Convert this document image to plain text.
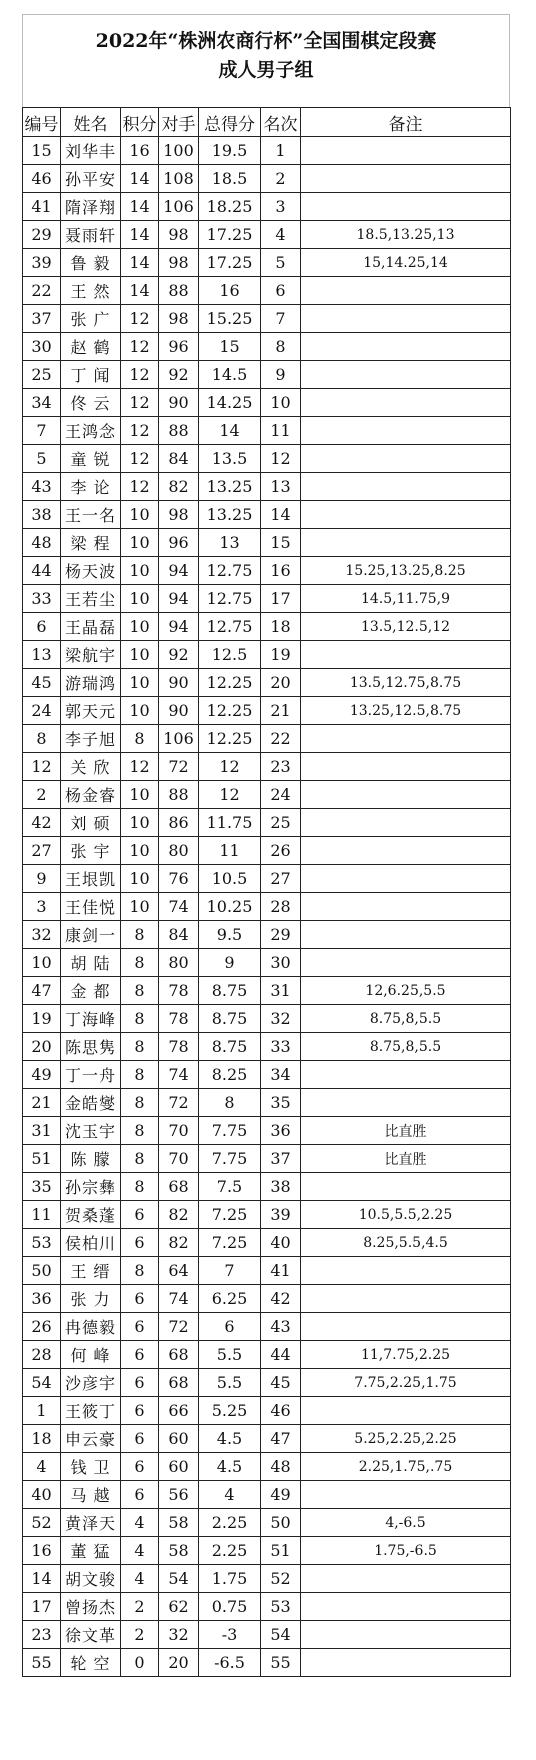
2022年“株洲农商行杯”全国围棋定段赛
成人男子组
编号	姓名	积分	对手	总得分	名次	备注
15	刘华丰	16	100	19.5	1	
46	孙平安	14	108	18.5	2	
41	隋泽翔	14	106	18.25	3	
29	聂雨轩	14	98	17.25	4	18.5,13.25,13
39	鲁 毅	14	98	17.25	5	15,14.25,14
22	王 然	14	88	16	6	
37	张 广	12	98	15.25	7	
30	赵 鹤	12	96	15	8	
25	丁 闻	12	92	14.5	9	
34	佟 云	12	90	14.25	10	
7	王鸿念	12	88	14	11	
5	童 锐	12	84	13.5	12	
43	李 论	12	82	13.25	13	
38	王一名	10	98	13.25	14	
48	梁 程	10	96	13	15	
44	杨天波	10	94	12.75	16	15.25,13.25,8.25
33	王若尘	10	94	12.75	17	14.5,11.75,9
6	王晶磊	10	94	12.75	18	13.5,12.5,12
13	梁航宇	10	92	12.5	19	
45	游瑞鸿	10	90	12.25	20	13.5,12.75,8.75
24	郭天元	10	90	12.25	21	13.25,12.5,8.75
8	李子旭	8	106	12.25	22	
12	关 欣	12	72	12	23	
2	杨金睿	10	88	12	24	
42	刘 硕	10	86	11.75	25	
27	张 宇	10	80	11	26	
9	王垠凯	10	76	10.5	27	
3	王佳悦	10	74	10.25	28	
32	康剑一	8	84	9.5	29	
10	胡 陆	8	80	9	30	
47	金 都	8	78	8.75	31	12,6.25,5.5
19	丁海峰	8	78	8.75	32	8.75,8,5.5
20	陈思隽	8	78	8.75	33	8.75,8,5.5
49	丁一舟	8	74	8.25	34	
21	金皓燮	8	72	8	35	
31	沈玉宇	8	70	7.75	36	比直胜
51	陈 朦	8	70	7.75	37	比直胜
35	孙宗彝	8	68	7.5	38	
11	贺桑蓬	6	82	7.25	39	10.5,5.5,2.25
53	侯柏川	6	82	7.25	40	8.25,5.5,4.5
50	王 缙	8	64	7	41	
36	张 力	6	74	6.25	42	
26	冉德毅	6	72	6	43	
28	何 峰	6	68	5.5	44	11,7.75,2.25
54	沙彦宇	6	68	5.5	45	7.75,2.25,1.75
1	王筱丁	6	66	5.25	46	
18	申云豪	6	60	4.5	47	5.25,2.25,2.25
4	钱 卫	6	60	4.5	48	2.25,1.75,.75
40	马 越	6	56	4	49	
52	黄泽天	4	58	2.25	50	4,-6.5
16	董 猛	4	58	2.25	51	1.75,-6.5
14	胡文骏	4	54	1.75	52	
17	曾扬杰	2	62	0.75	53	
23	徐文革	2	32	-3	54	
55	轮 空	0	20	-6.5	55	
